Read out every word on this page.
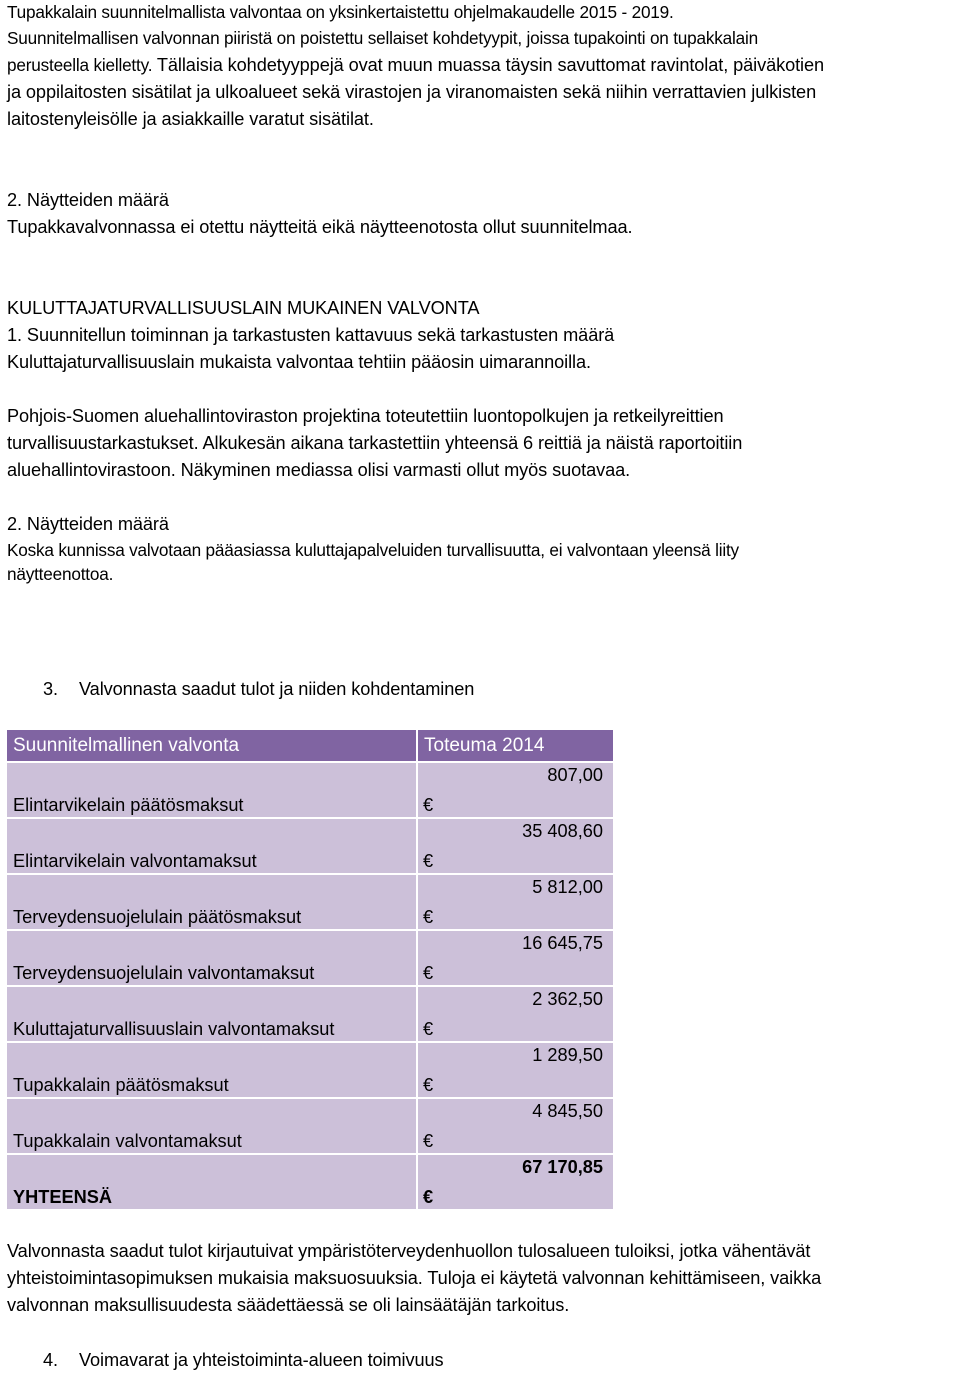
Tupakkalain suunnitelmallista valvontaa on yksinkertaistettu ohjelmakaudelle 2015 - 2019.

Suunnitelmallisen valvonnan piiristä on poistettu sellaiset kohdetyypit, joissa tupakointi on tupakkalain

perusteella kielletty. Tällaisia kohdetyyppejä ovat muun muassa täysin savuttomat ravintolat, päiväkotien

ja oppilaitosten sisätilat ja ulkoalueet sekä virastojen ja viranomaisten sekä niihin verrattavien julkisten

laitostenyleisölle ja asiakkaille varatut sisätilat.

2. Näytteiden määrä

Tupakkavalvonnassa ei otettu näytteitä eikä näytteenotosta ollut suunnitelmaa.

KULUTTAJATURVALLISUUSLAIN MUKAINEN VALVONTA

1. Suunnitellun toiminnan ja tarkastusten kattavuus sekä tarkastusten määrä

Kuluttajaturvallisuuslain mukaista valvontaa tehtiin pääosin uimarannoilla.

Pohjois-Suomen aluehallintoviraston projektina toteutettiin luontopolkujen ja retkeilyreittien

turvallisuustarkastukset. Alkukesän aikana tarkastettiin yhteensä 6 reittiä ja näistä raportoitiin

aluehallintovirastoon. Näkyminen mediassa olisi varmasti ollut myös suotavaa.

2. Näytteiden määrä

Koska kunnissa valvotaan pääasiassa kuluttajapalveluiden turvallisuutta, ei valvontaan yleensä liity

näytteenottoa.

3. Valvonnasta saadut tulot ja niiden kohdentaminen

Suunnitelmallinen valvonta	Toteuma 2014

Elintarvikelain päätösmaksut	807,00
€

Elintarvikelain valvontamaksut	35 408,60
€

Terveydensuojelulain päätösmaksut	5 812,00
€

Terveydensuojelulain valvontamaksut	16 645,75
€

Kuluttajaturvallisuuslain valvontamaksut	2 362,50
€

Tupakkalain päätösmaksut	1 289,50
€

Tupakkalain valvontamaksut	4 845,50
€

YHTEENSÄ	67 170,85
€

Valvonnasta saadut tulot kirjautuivat ympäristöterveydenhuollon tulosalueen tuloiksi, jotka vähentävät

yhteistoimintasopimuksen mukaisia maksuosuuksia. Tuloja ei käytetä valvonnan kehittämiseen, vaikka

valvonnan maksullisuudesta säädettäessä se oli lainsäätäjän tarkoitus.

4. Voimavarat ja yhteistoiminta-alueen toimivuus
